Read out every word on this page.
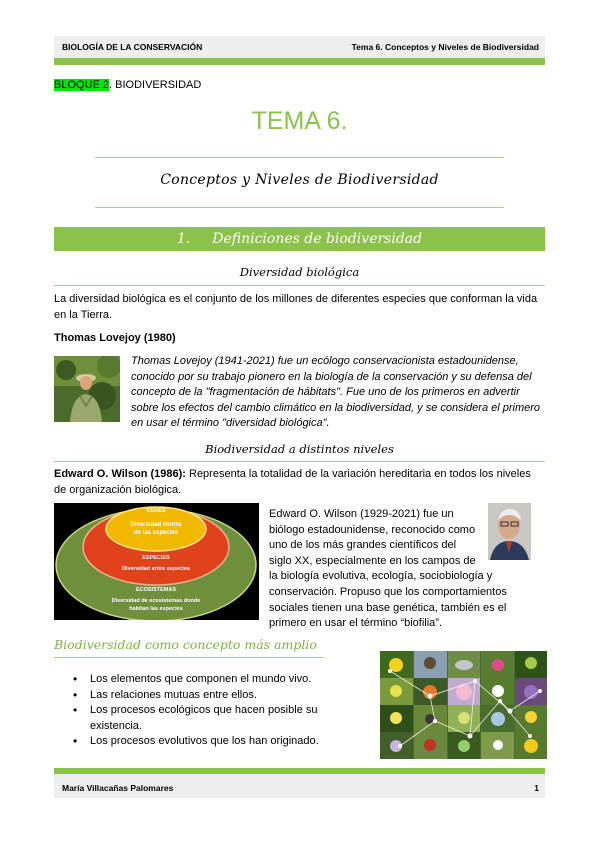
BIOLOGÍA DE LA CONSERVACIÓN	Tema 6. Conceptos y Niveles de Biodiversidad
BLOQUE 2. BIODIVERSIDAD
TEMA 6.
Conceptos y Niveles de Biodiversidad
1. Definiciones de biodiversidad
Diversidad biológica
La diversidad biológica es el conjunto de los millones de diferentes especies que conforman la vida en la Tierra.
Thomas Lovejoy (1980)
Thomas Lovejoy (1941-2021) fue un ecólogo conservacionista estadounidense, conocido por su trabajo pionero en la biología de la conservación y su defensa del concepto de la "fragmentación de hábitats". Fue uno de los primeros en advertir sobre los efectos del cambio climático en la biodiversidad, y se considera el primero en usar el término "diversidad biológica".
Biodiversidad a distintos niveles
Edward O. Wilson (1986): Representa la totalidad de la variación hereditaria en todos los niveles de organización biológica.
GENES
Diversidad dentro
de las especies
ESPECIES
Diversidad entre especies
ECOSISTEMAS
Diversidad de ecosistemas donde
habitan las especies
Edward O. Wilson (1929-2021) fue un
biólogo estadounidense, reconocido como
uno de los más grandes científicos del
siglo XX, especialmente en los campos de
la biología evolutiva, ecología, sociobiología y
conservación. Propuso que los comportamientos
sociales tienen una base genética, también es el
primero en usar el término “biofilia”.
Biodiversidad como concepto más amplio
• Los elementos que componen el mundo vivo.
• Las relaciones mutuas entre ellos.
• Los procesos ecológicos que hacen posible su existencia.
• Los procesos evolutivos que los han originado.
María Villacañas Palomares	1
